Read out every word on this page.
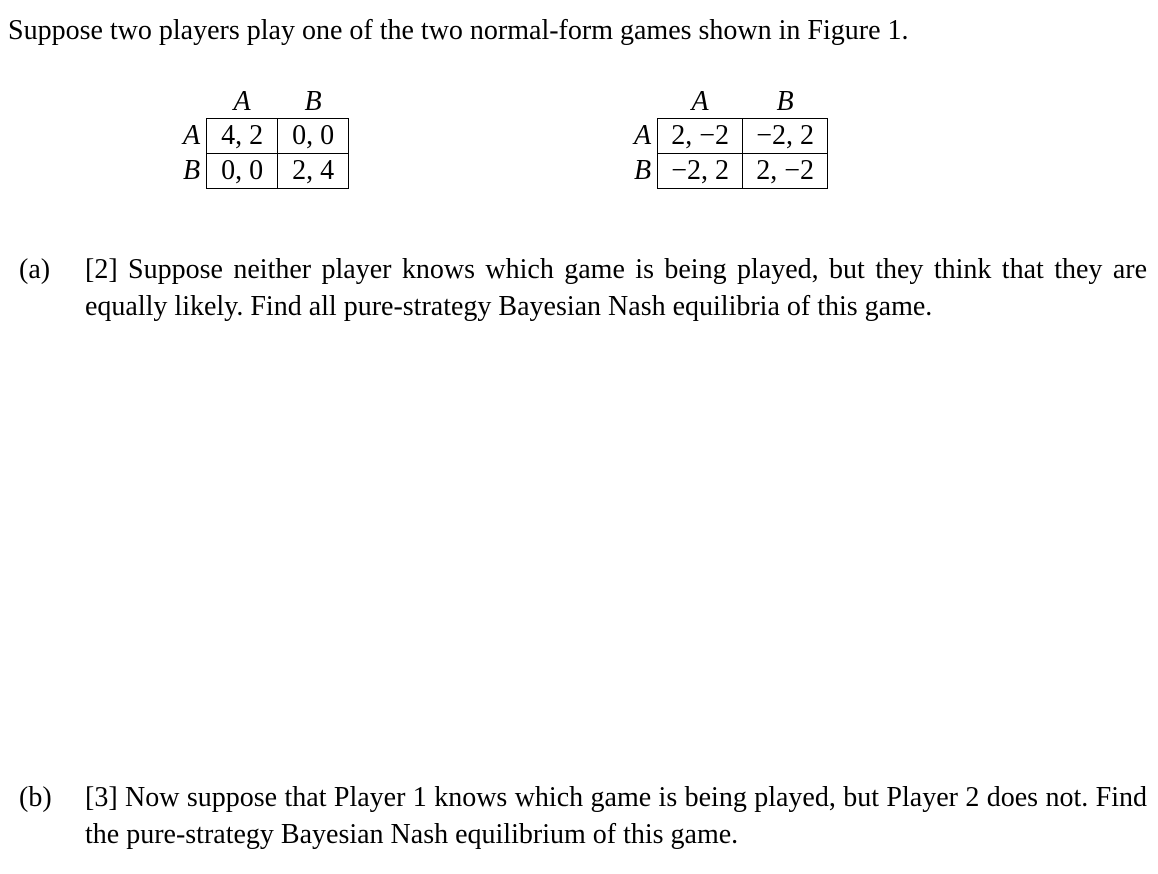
Suppose two players play one of the two normal-form games shown in Figure 1.
	A	B
A	4, 2	0, 0
B	0, 0	2, 4
	A	B
A	2, −2	−2, 2
B	−2, 2	2, −2
(a) [2] Suppose neither player knows which game is being played, but they think that they are equally likely. Find all pure-strategy Bayesian Nash equilibria of this game.
(b) [3] Now suppose that Player 1 knows which game is being played, but Player 2 does not. Find the pure-strategy Bayesian Nash equilibrium of this game.
